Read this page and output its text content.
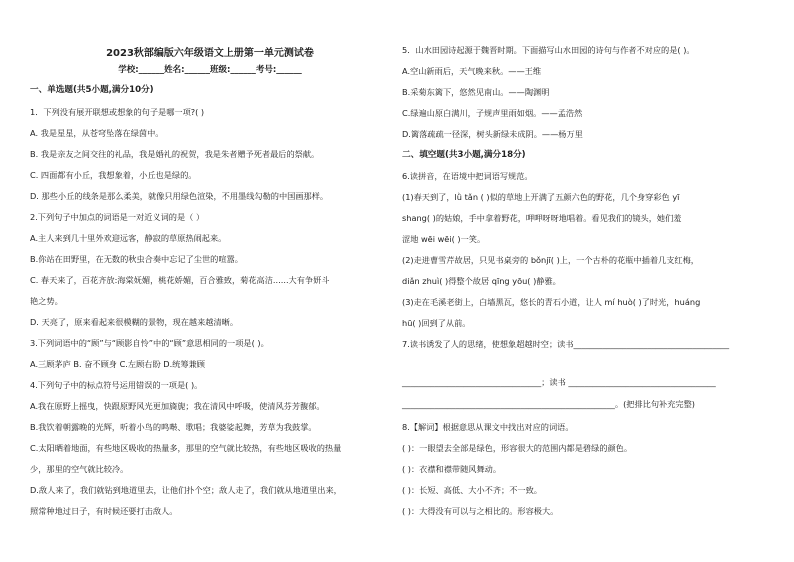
2023秋部编版六年级语文上册第一单元测试卷
学校:______姓名:______班级:______考号:______
一、单选题(共5小题,满分10分)
1．下列没有展开联想或想象的句子是哪一项?( )
A. 我是星星，从苍穹坠落在绿茵中。
B. 我是亲友之间交往的礼品，我是婚礼的祝贺，我是朱者赠予死者最后的祭献。
C. 四面都有小丘，我想象着，小丘也是绿的。
D. 那些小丘的线条是那么柔美，就像只用绿色渲染，不用墨线勾勒的中国画那样。
2.下列句子中加点的词语是一对近义词的是（ ）
A.主人来到几十里外欢迎远客，静寂的草原热闹起来。
B.你站在田野里，在无数的秋虫合奏中忘记了尘世的喧嚣。
C. 春天来了，百花齐放:海棠妩媚，桃花娇媚，百合雅致，菊花高洁......大有争妍斗
艳之势。
D. 天亮了，原来看起来很模糊的景物，现在越来越清晰。
3.下列词语中的“顾”与“顾影自怜”中的“顾”意思相同的一项是( )。
A.三顾茅庐 B. 奋不顾身 C.左顾右盼 D.统筹兼顾
4.下列句子中的标点符号运用错误的一项是( )。
A.我在原野上摇曳，快跟原野风光更加旖旎；我在清风中呼吸，使清风芬芳馥郁。
B.我饮着朝露晚的光辉，听着小鸟的鸣啭、歌唱；我婆娑起舞，芳草为我鼓掌。
C.太阳晒着地面，有些地区吸收的热量多，那里的空气就比较热，有些地区吸收的热量
少，那里的空气就比较冷。
D.敌人来了，我们就钻到地道里去，让他们扑个空；敌人走了，我们就从地道里出来，
照常种地过日子，有时候还要打击敌人。
5．山水田园诗起源于魏晋时期。下面描写山水田园的诗句与作者不对应的是( )。
A.空山新雨后，天气晚来秋。——王维
B.采菊东篱下，悠然见南山。——陶渊明
C.绿遍山原白满川，子规声里雨如烟。——孟浩然
D.篱落疏疏一径深，树头新绿未成阴。——杨万里
二、填空题(共3小题,满分18分)
6.读拼音，在语境中把词语写规范。
(1)春天到了，lǜ tǎn ( )似的草地上开满了五颜六色的野花，几个身穿彩色 yī
shang( )的姑娘，手中拿着野花，呷呷呀呀地唱着。看见我们的镜头，她们羞
涩地 wēi wēi( )一笑。
(2)走进曹雪芹故居，只见书桌旁的 bǒnjī( )上，一个古朴的花瓶中插着几支红梅，
diǎn zhuì( )得整个故居 qīng yōu( )静雅。
(3)走在毛溪老街上，白墙黑瓦，悠长的青石小道，让人 mí huò( )了时光，huáng
hū( )回到了从前。
7.读书诱发了人的思绪，使想象超越时空；读书______________________________________
__________________________________；读书 ____________________________________
____________________________________________________。(把排比句补充完整)
8.【解词】根据意思从课文中找出对应的词语。
( )：一眼望去全部是绿色，形容很大的范围内都是碧绿的颜色。
( )：衣襟和襟带随风舞动。
( )：长短、高低、大小不齐；不一致。
( )：大得没有可以与之相比的。形容极大。
